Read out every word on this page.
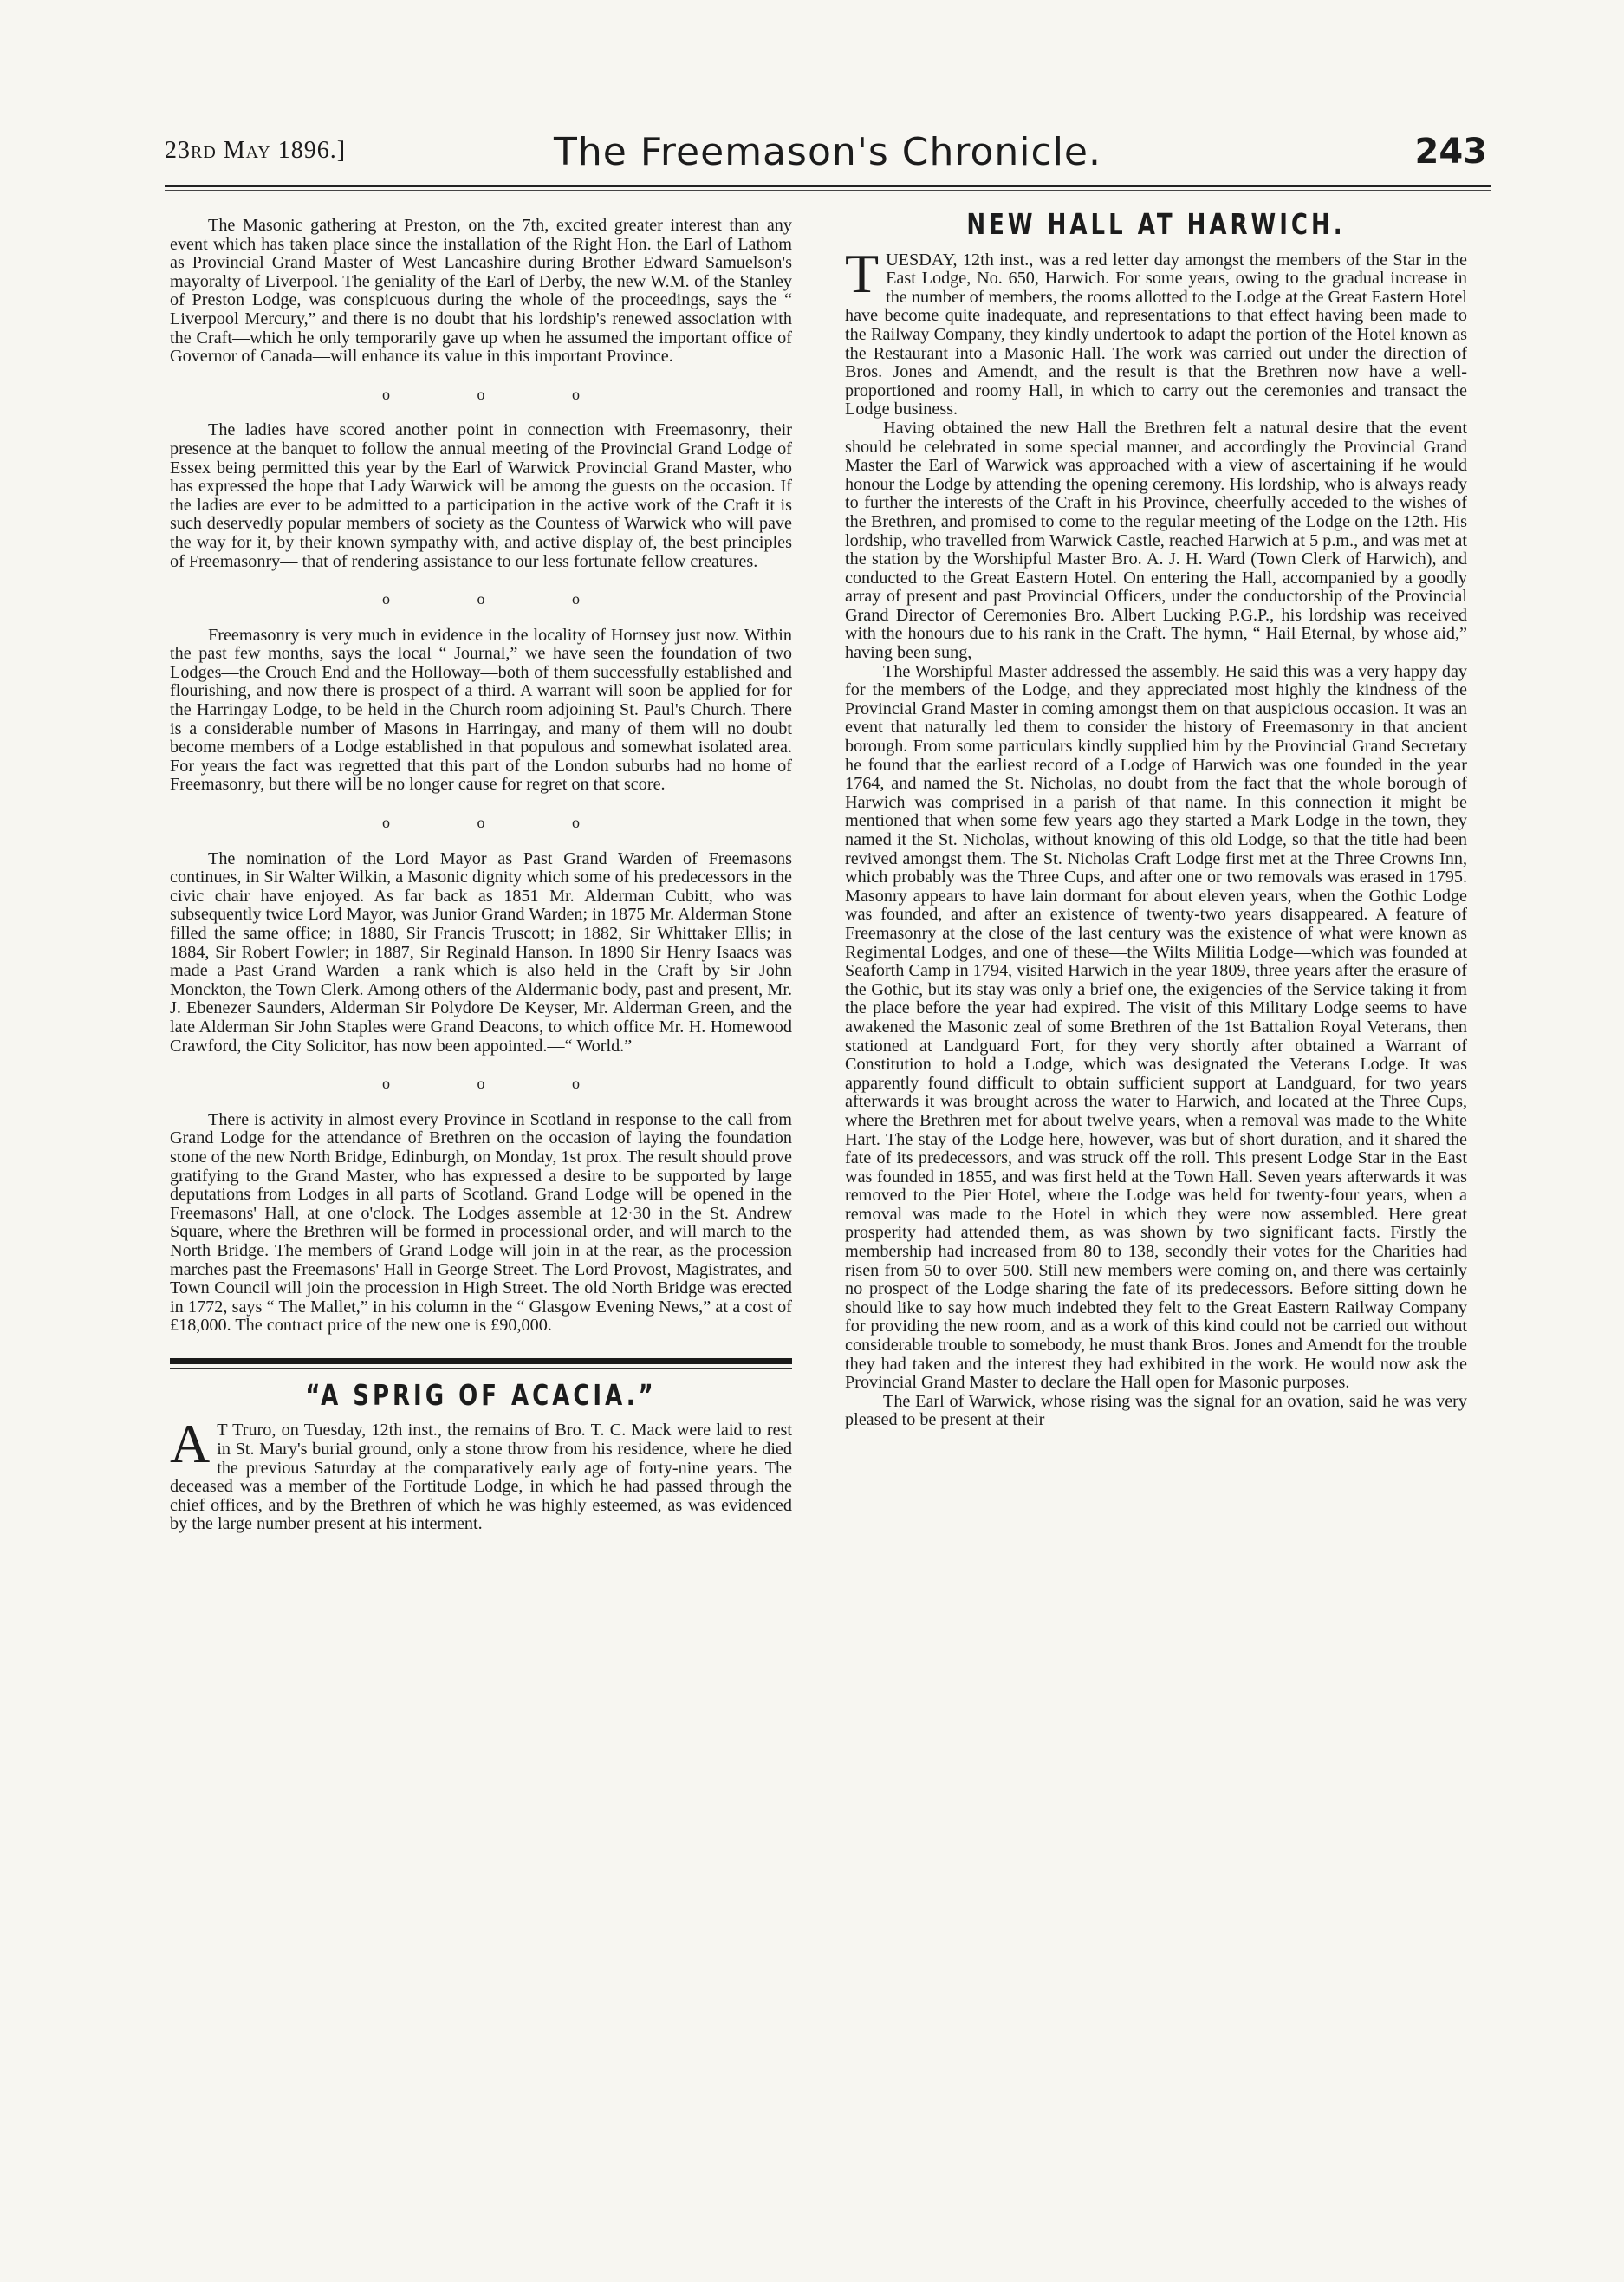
23rd May 1896.]	The Freemason's Chronicle.	243

The Masonic gathering at Preston, on the 7th, excited greater interest than any event which has taken place since the installation of the Right Hon. the Earl of Lathom as Provincial Grand Master of West Lancashire during Brother Edward Samuelson's mayoralty of Liverpool. The geniality of the Earl of Derby, the new W.M. of the Stanley of Preston Lodge, was conspicuous during the whole of the proceedings, says the “ Liverpool Mercury,” and there is no doubt that his lordship's renewed association with the Craft—which he only temporarily gave up when he assumed the important office of Governor of Canada—will enhance its value in this important Province.

o o o

The ladies have scored another point in connection with Freemasonry, their presence at the banquet to follow the annual meeting of the Provincial Grand Lodge of Essex being permitted this year by the Earl of Warwick Provincial Grand Master, who has expressed the hope that Lady Warwick will be among the guests on the occasion. If the ladies are ever to be admitted to a participation in the active work of the Craft it is such deservedly popular members of society as the Countess of Warwick who will pave the way for it, by their known sympathy with, and active display of, the best principles of Freemasonry— that of rendering assistance to our less fortunate fellow creatures.

o o o

Freemasonry is very much in evidence in the locality of Hornsey just now. Within the past few months, says the local “ Journal,” we have seen the foundation of two Lodges—the Crouch End and the Holloway—both of them successfully established and flourishing, and now there is prospect of a third. A warrant will soon be applied for for the Harringay Lodge, to be held in the Church room adjoining St. Paul's Church. There is a considerable number of Masons in Harringay, and many of them will no doubt become members of a Lodge established in that populous and somewhat isolated area. For years the fact was regretted that this part of the London suburbs had no home of Freemasonry, but there will be no longer cause for regret on that score.

o o o

The nomination of the Lord Mayor as Past Grand Warden of Freemasons continues, in Sir Walter Wilkin, a Masonic dignity which some of his predecessors in the civic chair have enjoyed. As far back as 1851 Mr. Alderman Cubitt, who was subsequently twice Lord Mayor, was Junior Grand Warden; in 1875 Mr. Alderman Stone filled the same office; in 1880, Sir Francis Truscott; in 1882, Sir Whittaker Ellis; in 1884, Sir Robert Fowler; in 1887, Sir Reginald Hanson. In 1890 Sir Henry Isaacs was made a Past Grand Warden—a rank which is also held in the Craft by Sir John Monckton, the Town Clerk. Among others of the Aldermanic body, past and present, Mr. J. Ebenezer Saunders, Alderman Sir Polydore De Keyser, Mr. Alderman Green, and the late Alderman Sir John Staples were Grand Deacons, to which office Mr. H. Homewood Crawford, the City Solicitor, has now been appointed.—“ World.”

o o o

There is activity in almost every Province in Scotland in response to the call from Grand Lodge for the attendance of Brethren on the occasion of laying the foundation stone of the new North Bridge, Edinburgh, on Monday, 1st prox. The result should prove gratifying to the Grand Master, who has expressed a desire to be supported by large deputations from Lodges in all parts of Scotland. Grand Lodge will be opened in the Freemasons' Hall, at one o'clock. The Lodges assemble at 12·30 in the St. Andrew Square, where the Brethren will be formed in processional order, and will march to the North Bridge. The members of Grand Lodge will join in at the rear, as the procession marches past the Freemasons' Hall in George Street. The Lord Provost, Magistrates, and Town Council will join the procession in High Street. The old North Bridge was erected in 1772, says “ The Mallet,” in his column in the “ Glasgow Evening News,” at a cost of £18,000. The contract price of the new one is £90,000.

“A SPRIG OF ACACIA.”

A T Truro, on Tuesday, 12th inst., the remains of Bro. T. C. Mack were laid to rest in St. Mary's burial ground, only a stone throw from his residence, where he died the previous Saturday at the comparatively early age of forty-nine years. The deceased was a member of the Fortitude Lodge, in which he had passed through the chief offices, and by the Brethren of which he was highly esteemed, as was evidenced by the large number present at his interment.

NEW HALL AT HARWICH.

TUESDAY, 12th inst., was a red letter day amongst the members of the Star in the East Lodge, No. 650, Harwich. For some years, owing to the gradual increase in the number of members, the rooms allotted to the Lodge at the Great Eastern Hotel have become quite inadequate, and representations to that effect having been made to the Railway Company, they kindly undertook to adapt the portion of the Hotel known as the Restaurant into a Masonic Hall. The work was carried out under the direction of Bros. Jones and Amendt, and the result is that the Brethren now have a well-proportioned and roomy Hall, in which to carry out the ceremonies and transact the Lodge business.

Having obtained the new Hall the Brethren felt a natural desire that the event should be celebrated in some special manner, and accordingly the Provincial Grand Master the Earl of Warwick was approached with a view of ascertaining if he would honour the Lodge by attending the opening ceremony. His lordship, who is always ready to further the interests of the Craft in his Province, cheerfully acceded to the wishes of the Brethren, and promised to come to the regular meeting of the Lodge on the 12th. His lordship, who travelled from Warwick Castle, reached Harwich at 5 p.m., and was met at the station by the Worshipful Master Bro. A. J. H. Ward (Town Clerk of Harwich), and conducted to the Great Eastern Hotel. On entering the Hall, accompanied by a goodly array of present and past Provincial Officers, under the conductorship of the Provincial Grand Director of Ceremonies Bro. Albert Lucking P.G.P., his lordship was received with the honours due to his rank in the Craft. The hymn, “ Hail Eternal, by whose aid,” having been sung,

The Worshipful Master addressed the assembly. He said this was a very happy day for the members of the Lodge, and they appreciated most highly the kindness of the Provincial Grand Master in coming amongst them on that auspicious occasion. It was an event that naturally led them to consider the history of Freemasonry in that ancient borough. From some particulars kindly supplied him by the Provincial Grand Secretary he found that the earliest record of a Lodge of Harwich was one founded in the year 1764, and named the St. Nicholas, no doubt from the fact that the whole borough of Harwich was comprised in a parish of that name. In this connection it might be mentioned that when some few years ago they started a Mark Lodge in the town, they named it the St. Nicholas, without knowing of this old Lodge, so that the title had been revived amongst them. The St. Nicholas Craft Lodge first met at the Three Crowns Inn, which probably was the Three Cups, and after one or two removals was erased in 1795. Masonry appears to have lain dormant for about eleven years, when the Gothic Lodge was founded, and after an existence of twenty-two years disappeared. A feature of Freemasonry at the close of the last century was the existence of what were known as Regimental Lodges, and one of these—the Wilts Militia Lodge—which was founded at Seaforth Camp in 1794, visited Harwich in the year 1809, three years after the erasure of the Gothic, but its stay was only a brief one, the exigencies of the Service taking it from the place before the year had expired. The visit of this Military Lodge seems to have awakened the Masonic zeal of some Brethren of the 1st Battalion Royal Veterans, then stationed at Landguard Fort, for they very shortly after obtained a Warrant of Constitution to hold a Lodge, which was designated the Veterans Lodge. It was apparently found difficult to obtain sufficient support at Landguard, for two years afterwards it was brought across the water to Harwich, and located at the Three Cups, where the Brethren met for about twelve years, when a removal was made to the White Hart. The stay of the Lodge here, however, was but of short duration, and it shared the fate of its predecessors, and was struck off the roll. This present Lodge Star in the East was founded in 1855, and was first held at the Town Hall. Seven years afterwards it was removed to the Pier Hotel, where the Lodge was held for twenty-four years, when a removal was made to the Hotel in which they were now assembled. Here great prosperity had attended them, as was shown by two significant facts. Firstly the membership had increased from 80 to 138, secondly their votes for the Charities had risen from 50 to over 500. Still new members were coming on, and there was certainly no prospect of the Lodge sharing the fate of its predecessors. Before sitting down he should like to say how much indebted they felt to the Great Eastern Railway Company for providing the new room, and as a work of this kind could not be carried out without considerable trouble to somebody, he must thank Bros. Jones and Amendt for the trouble they had taken and the interest they had exhibited in the work. He would now ask the Provincial Grand Master to declare the Hall open for Masonic purposes.

The Earl of Warwick, whose rising was the signal for an ovation, said he was very pleased to be present at their
